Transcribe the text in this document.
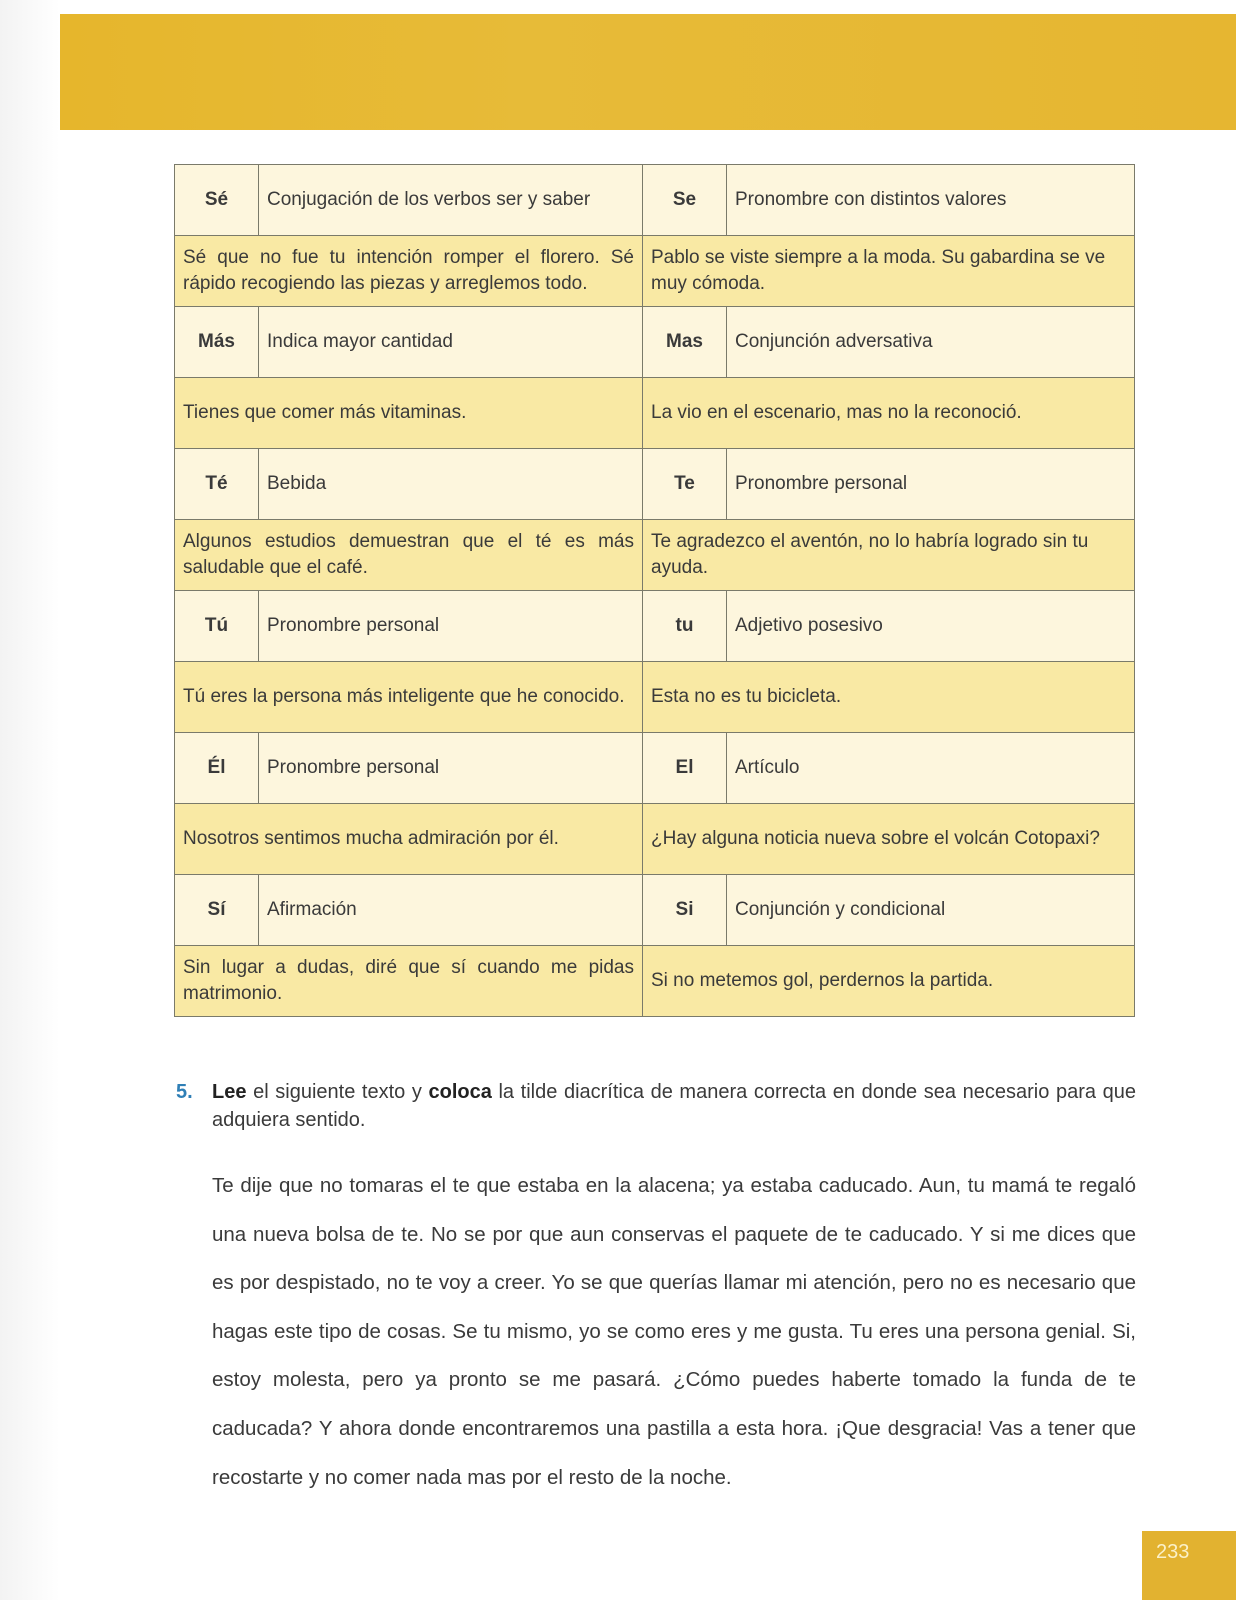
Sé	Conjugación de los verbos ser y saber	Se	Pronombre con distintos valores
Sé que no fue tu intención romper el florero. Sé rápido recogiendo las piezas y arreglemos todo.		Pablo se viste siempre a la moda. Su gabardina se ve muy cómoda.	
Más	Indica mayor cantidad	Mas	Conjunción adversativa
Tienes que comer más vitaminas.		La vio en el escenario, mas no la reconoció.	
Té	Bebida	Te	Pronombre personal
Algunos estudios demuestran que el té es más saludable que el café.		Te agradezco el aventón, no lo habría logrado sin tu ayuda.	
Tú	Pronombre personal	tu	Adjetivo posesivo
Tú eres la persona más inteligente que he conocido.		Esta no es tu bicicleta.	
Él	Pronombre personal	El	Artículo
Nosotros sentimos mucha admiración por él.		¿Hay alguna noticia nueva sobre el volcán Cotopaxi?	
Sí	Afirmación	Si	Conjunción y condicional
Sin lugar a dudas, diré que sí cuando me pidas matrimonio.		Si no metemos gol, perdernos la partida.	
5. Lee el siguiente texto y coloca la tilde diacrítica de manera correcta en donde sea necesario para que adquiera sentido.
Te dije que no tomaras el te que estaba en la alacena; ya estaba caducado. Aun, tu mamá te regaló una nueva bolsa de te. No se por que aun conservas el paquete de te caducado. Y si me dices que es por despistado, no te voy a creer. Yo se que querías llamar mi atención, pero no es necesario que hagas este tipo de cosas. Se tu mismo, yo se como eres y me gusta. Tu eres una persona genial. Si, estoy molesta, pero ya pronto se me pasará. ¿Cómo puedes haberte tomado la funda de te caducada? Y ahora donde encontraremos una pastilla a esta hora. ¡Que desgracia! Vas a tener que recostarte y no comer nada mas por el resto de la noche.
233
